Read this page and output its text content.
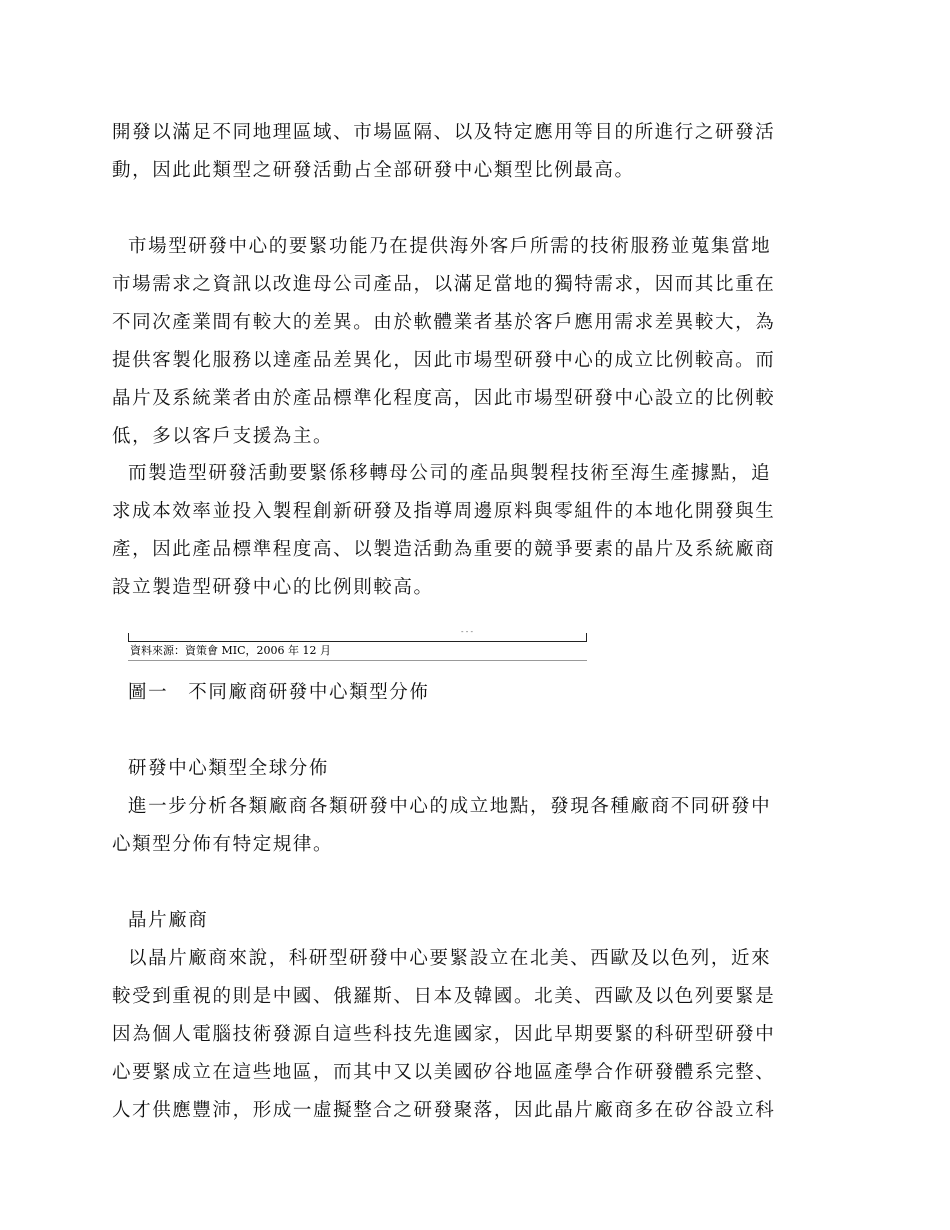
開發以滿足不同地理區域、市場區隔、以及特定應用等目的所進行之研發活
動，因此此類型之研發活動占全部研發中心類型比例最高。
市場型研發中心的要緊功能乃在提供海外客戶所需的技術服務並蒐集當地
市場需求之資訊以改進母公司產品，以滿足當地的獨特需求，因而其比重在
不同次產業間有較大的差異。由於軟體業者基於客戶應用需求差異較大，為
提供客製化服務以達產品差異化，因此市場型研發中心的成立比例較高。而
晶片及系統業者由於產品標準化程度高，因此市場型研發中心設立的比例較
低，多以客戶支援為主。
而製造型研發活動要緊係移轉母公司的產品與製程技術至海生產據點，追
求成本效率並投入製程創新研發及指導周邊原料與零組件的本地化開發與生
產，因此產品標準程度高、以製造活動為重要的競爭要素的晶片及系統廠商
設立製造型研發中心的比例則較高。
- - -
資料來源：資策會 MIC，2006 年 12 月
圖一　不同廠商研發中心類型分佈
研發中心類型全球分佈
進一步分析各類廠商各類研發中心的成立地點，發現各種廠商不同研發中
心類型分佈有特定規律。
晶片廠商
以晶片廠商來說，科研型研發中心要緊設立在北美、西歐及以色列，近來
較受到重視的則是中國、俄羅斯、日本及韓國。北美、西歐及以色列要緊是
因為個人電腦技術發源自這些科技先進國家，因此早期要緊的科研型研發中
心要緊成立在這些地區，而其中又以美國矽谷地區產學合作研發體系完整、
人才供應豐沛，形成一虛擬整合之研發聚落，因此晶片廠商多在矽谷設立科
